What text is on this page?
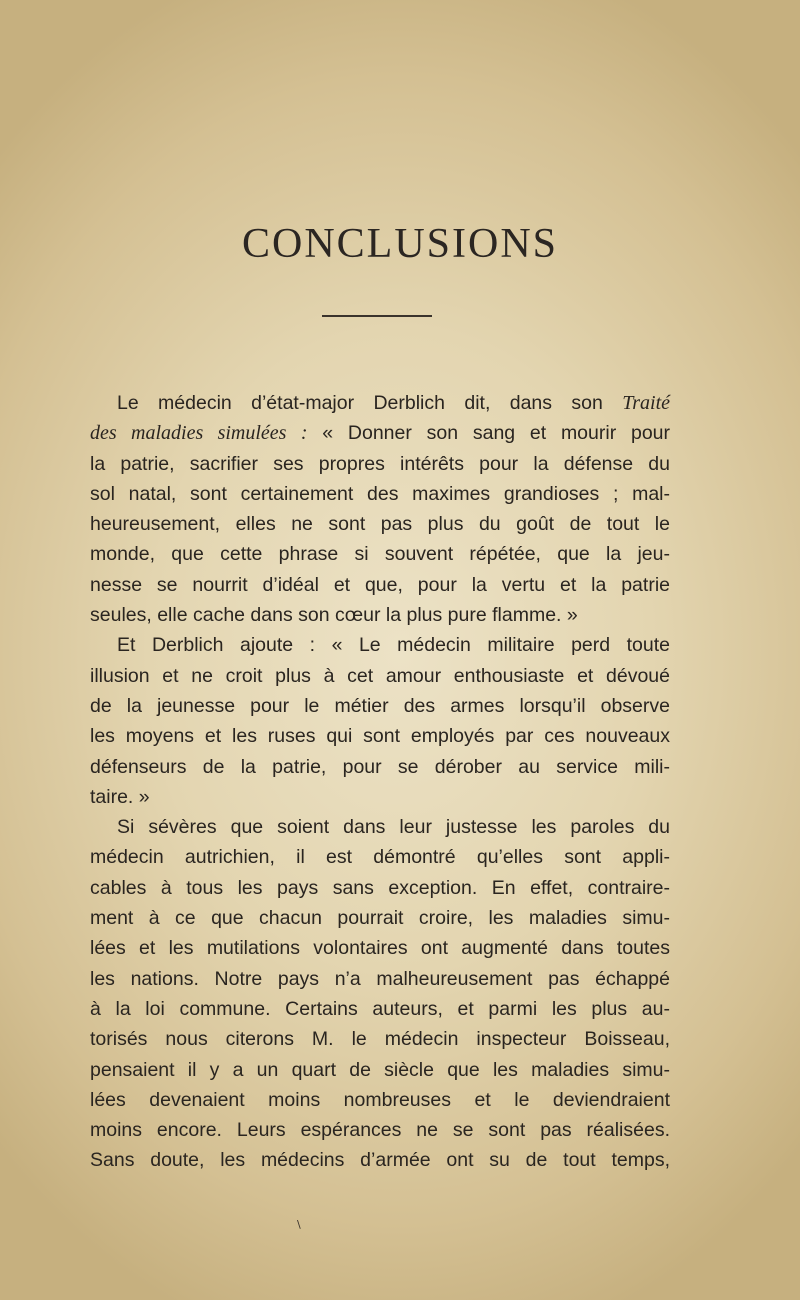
CONCLUSIONS
Le médecin d’état-major Derblich dit, dans son Traité
des maladies simulées : « Donner son sang et mourir pour
la patrie, sacrifier ses propres intérêts pour la défense du
sol natal, sont certainement des maximes grandioses ; mal-
heureusement, elles ne sont pas plus du goût de tout le
monde, que cette phrase si souvent répétée, que la jeu-
nesse se nourrit d’idéal et que, pour la vertu et la patrie
seules, elle cache dans son cœur la plus pure flamme. »
Et Derblich ajoute : « Le médecin militaire perd toute
illusion et ne croit plus à cet amour enthousiaste et dévoué
de la jeunesse pour le métier des armes lorsqu’il observe
les moyens et les ruses qui sont employés par ces nouveaux
défenseurs de la patrie, pour se dérober au service mili-
taire. »
Si sévères que soient dans leur justesse les paroles du
médecin autrichien, il est démontré qu’elles sont appli-
cables à tous les pays sans exception. En effet, contraire-
ment à ce que chacun pourrait croire, les maladies simu-
lées et les mutilations volontaires ont augmenté dans toutes
les nations. Notre pays n’a malheureusement pas échappé
à la loi commune. Certains auteurs, et parmi les plus au-
torisés nous citerons M. le médecin inspecteur Boisseau,
pensaient il y a un quart de siècle que les maladies simu-
lées devenaient moins nombreuses et le deviendraient
moins encore. Leurs espérances ne se sont pas réalisées.
Sans doute, les médecins d’armée ont su de tout temps,
\
